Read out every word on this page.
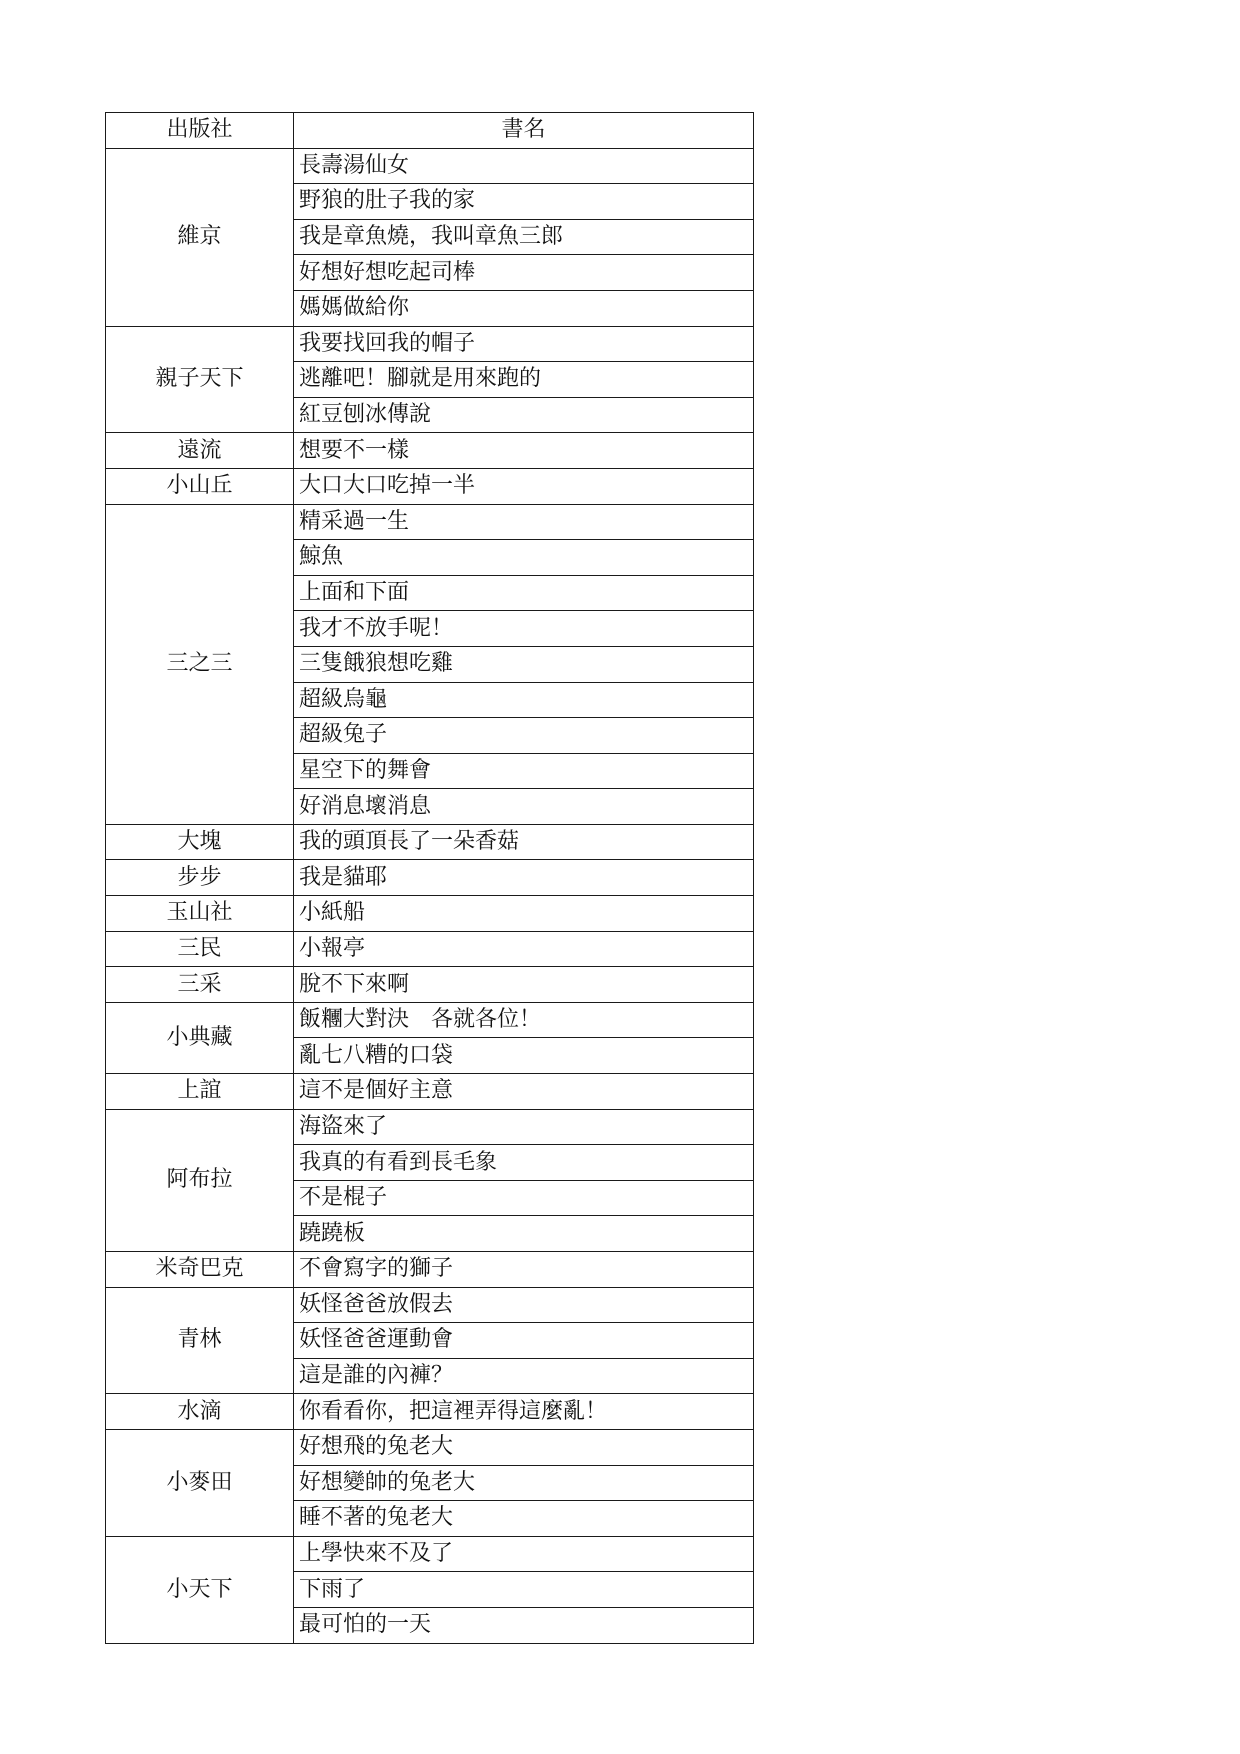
出版社	書名
維京	長壽湯仙女
	野狼的肚子我的家
	我是章魚燒，我叫章魚三郎
	好想好想吃起司棒
	媽媽做給你
親子天下	我要找回我的帽子
	逃離吧！腳就是用來跑的
	紅豆刨冰傳說
遠流	想要不一樣
小山丘	大口大口吃掉一半
三之三	精采過一生
	鯨魚
	上面和下面
	我才不放手呢！
	三隻餓狼想吃雞
	超級烏龜
	超級兔子
	星空下的舞會
	好消息壞消息
大塊	我的頭頂長了一朵香菇
步步	我是貓耶
玉山社	小紙船
三民	小報亭
三采	脫不下來啊
小典藏	飯糰大對決　各就各位！
	亂七八糟的口袋
上誼	這不是個好主意
阿布拉	海盜來了
	我真的有看到長毛象
	不是棍子
	蹺蹺板
米奇巴克	不會寫字的獅子
青林	妖怪爸爸放假去
	妖怪爸爸運動會
	這是誰的內褲？
水滴	你看看你，把這裡弄得這麼亂！
小麥田	好想飛的兔老大
	好想變帥的兔老大
	睡不著的兔老大
小天下	上學快來不及了
	下雨了
	最可怕的一天
